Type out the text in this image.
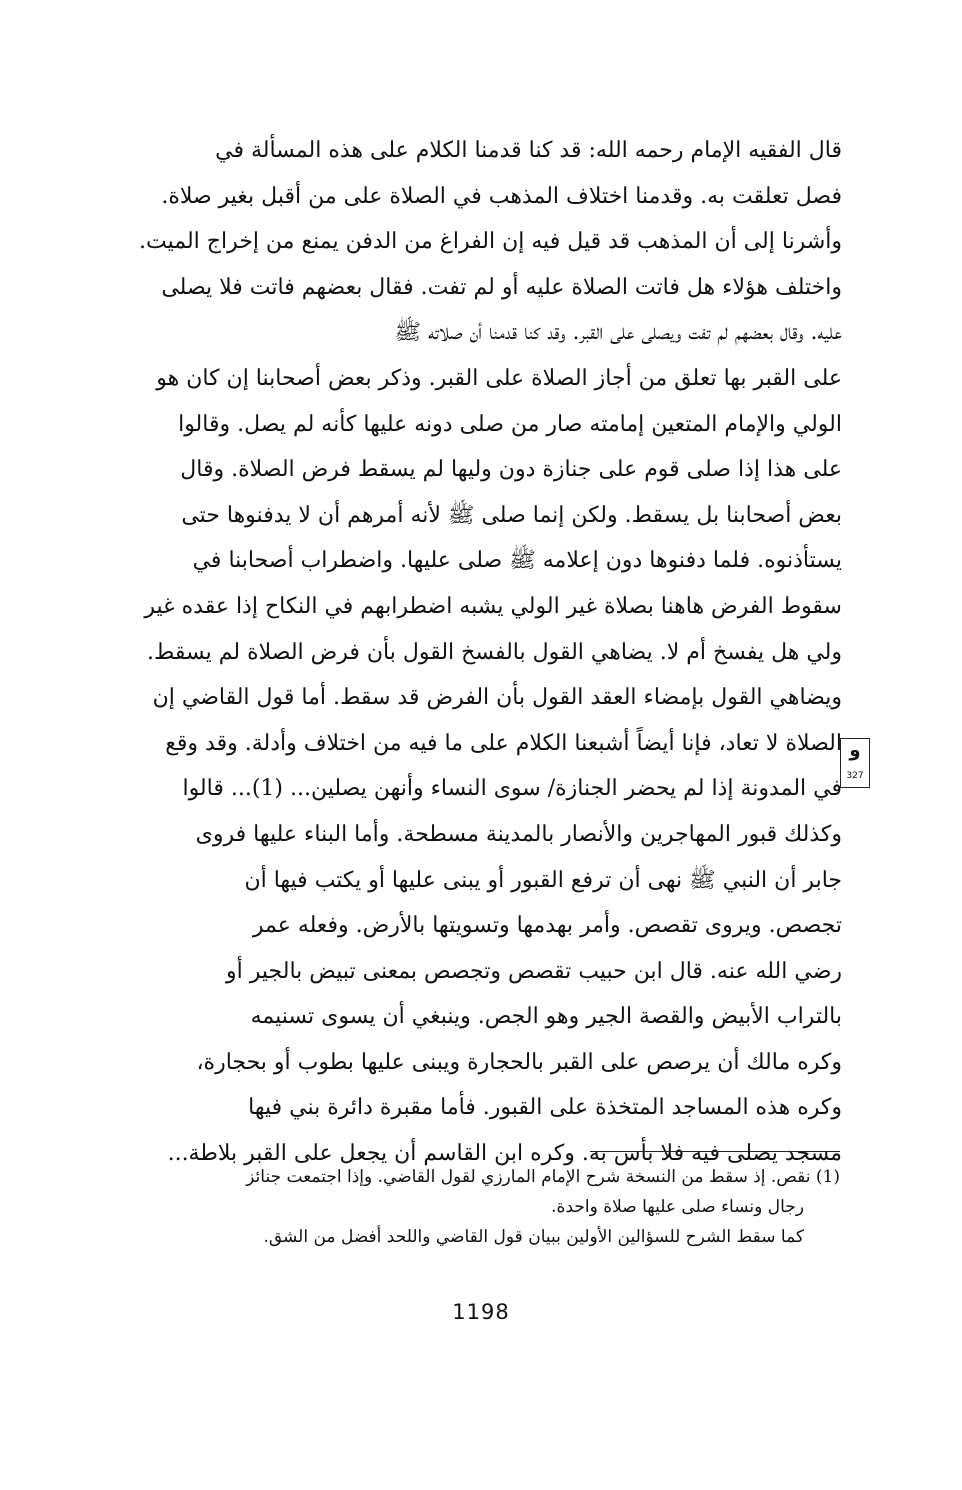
قال الفقيه الإمام رحمه الله: قد كنا قدمنا الكلام على هذه المسألة في
فصل تعلقت به. وقدمنا اختلاف المذهب في الصلاة على من أقبل بغير صلاة.
وأشرنا إلى أن المذهب قد قيل فيه إن الفراغ من الدفن يمنع من إخراج الميت.
واختلف هؤلاء هل فاتت الصلاة عليه أو لم تفت. فقال بعضهم فاتت فلا يصلى
عليه. وقال بعضهم لم تفت ويصلى على القبر. وقد كنا قدمنا أن صلاته ﷺ
على القبر بها تعلق من أجاز الصلاة على القبر. وذكر بعض أصحابنا إن كان هو
الولي والإمام المتعين إمامته صار من صلى دونه عليها كأنه لم يصل. وقالوا
على هذا إذا صلى قوم على جنازة دون وليها لم يسقط فرض الصلاة. وقال
بعض أصحابنا بل يسقط. ولكن إنما صلى ﷺ لأنه أمرهم أن لا يدفنوها حتى
يستأذنوه. فلما دفنوها دون إعلامه ﷺ صلى عليها. واضطراب أصحابنا في
سقوط الفرض هاهنا بصلاة غير الولي يشبه اضطرابهم في النكاح إذا عقده غير
ولي هل يفسخ أم لا. يضاهي القول بالفسخ القول بأن فرض الصلاة لم يسقط.
ويضاهي القول بإمضاء العقد القول بأن الفرض قد سقط. أما قول القاضي إن
الصلاة لا تعاد، فإنا أيضاً أشبعنا الكلام على ما فيه من اختلاف وأدلة. وقد وقع
في المدونة إذا لم يحضر الجنازة/ سوى النساء وأنهن يصلين... (1)... قالوا
وكذلك قبور المهاجرين والأنصار بالمدينة مسطحة. وأما البناء عليها فروى
جابر أن النبي ﷺ نهى أن ترفع القبور أو يبنى عليها أو يكتب فيها أن
تجصص. ويروى تقصص. وأمر بهدمها وتسويتها بالأرض. وفعله عمر
رضي الله عنه. قال ابن حبيب تقصص وتجصص بمعنى تبيض بالجير أو
بالتراب الأبيض والقصة الجير وهو الجص. وينبغي أن يسوى تسنيمه
وكره مالك أن يرصص على القبر بالحجارة ويبنى عليها بطوب أو بحجارة،
وكره هذه المساجد المتخذة على القبور. فأما مقبرة دائرة بني فيها
مسجد يصلى فيه فلا بأس به. وكره ابن القاسم أن يجعل على القبر بلاطة...
و
327
(1) نقص. إذ سقط من النسخة شرح الإمام المارزي لقول القاضي. وإذا اجتمعت جنائز
رجال ونساء صلى عليها صلاة واحدة.
كما سقط الشرح للسؤالين الأولين ببيان قول القاضي واللحد أفضل من الشق.
1198
